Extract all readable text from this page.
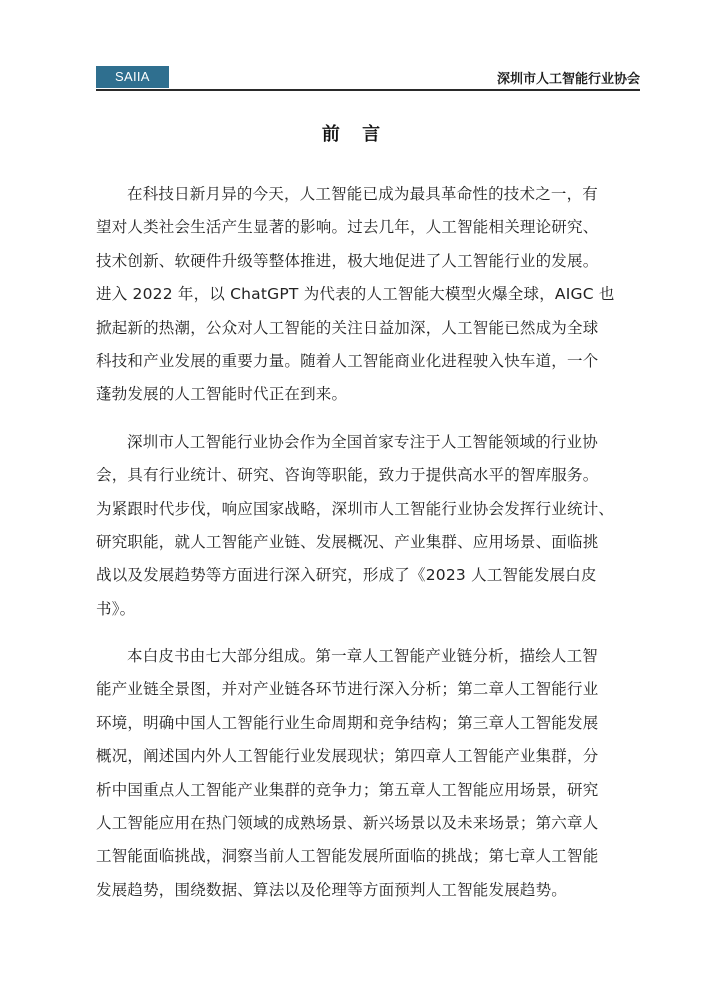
SAIIA	深圳市人工智能行业协会
前 言
在科技日新月异的今天，人工智能已成为最具革命性的技术之一，有
望对人类社会生活产生显著的影响。过去几年，人工智能相关理论研究、
技术创新、软硬件升级等整体推进，极大地促进了人工智能行业的发展。
进入 2022 年，以 ChatGPT 为代表的人工智能大模型火爆全球，AIGC 也
掀起新的热潮，公众对人工智能的关注日益加深，人工智能已然成为全球
科技和产业发展的重要力量。随着人工智能商业化进程驶入快车道，一个
蓬勃发展的人工智能时代正在到来。
深圳市人工智能行业协会作为全国首家专注于人工智能领域的行业协
会，具有行业统计、研究、咨询等职能，致力于提供高水平的智库服务。
为紧跟时代步伐，响应国家战略，深圳市人工智能行业协会发挥行业统计、
研究职能，就人工智能产业链、发展概况、产业集群、应用场景、面临挑
战以及发展趋势等方面进行深入研究，形成了《2023 人工智能发展白皮
书》。
本白皮书由七大部分组成。第一章人工智能产业链分析，描绘人工智
能产业链全景图，并对产业链各环节进行深入分析；第二章人工智能行业
环境，明确中国人工智能行业生命周期和竞争结构；第三章人工智能发展
概况，阐述国内外人工智能行业发展现状；第四章人工智能产业集群，分
析中国重点人工智能产业集群的竞争力；第五章人工智能应用场景，研究
人工智能应用在热门领域的成熟场景、新兴场景以及未来场景；第六章人
工智能面临挑战，洞察当前人工智能发展所面临的挑战；第七章人工智能
发展趋势，围绕数据、算法以及伦理等方面预判人工智能发展趋势。
